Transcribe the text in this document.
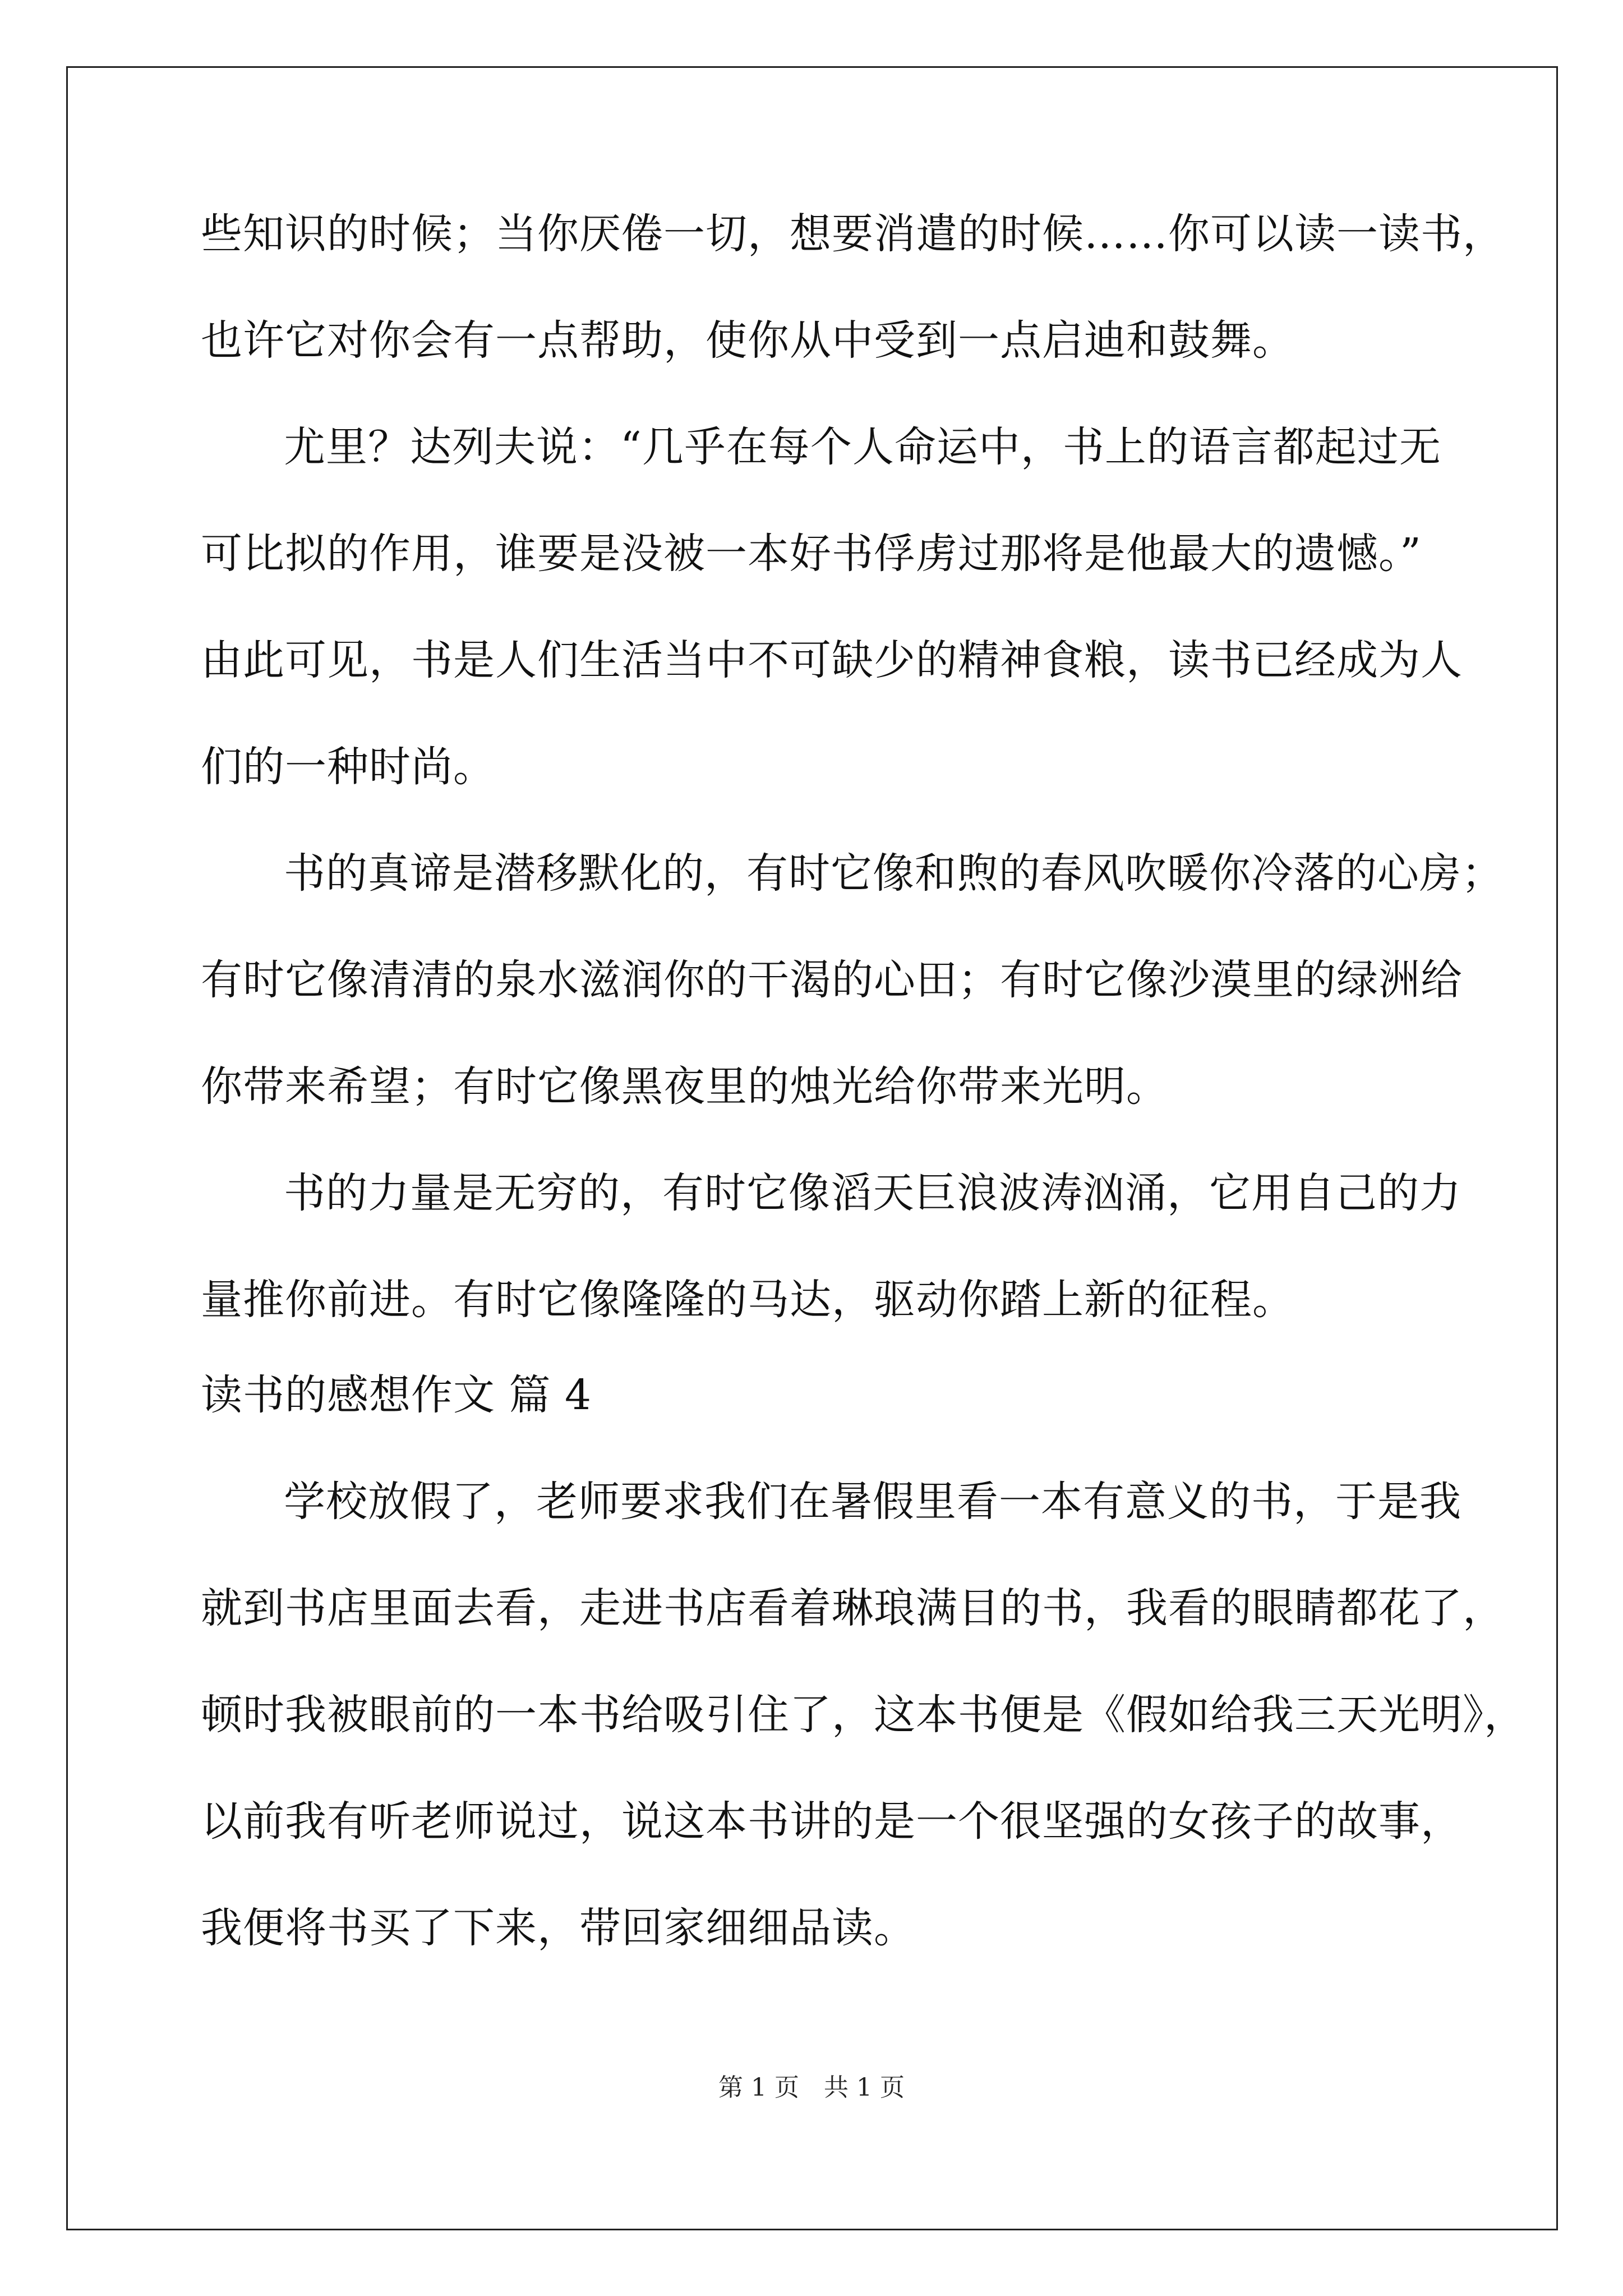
些知识的时候；当你厌倦一切，想要消遣的时候……你可以读一读书，
也许它对你会有一点帮助，使你从中受到一点启迪和鼓舞。
尤里？达列夫说：“几乎在每个人命运中，书上的语言都起过无
可比拟的作用，谁要是没被一本好书俘虏过那将是他最大的遗憾。”
由此可见，书是人们生活当中不可缺少的精神食粮，读书已经成为人
们的一种时尚。
书的真谛是潜移默化的，有时它像和煦的春风吹暖你冷落的心房；
有时它像清清的泉水滋润你的干渴的心田；有时它像沙漠里的绿洲给
你带来希望；有时它像黑夜里的烛光给你带来光明。
书的力量是无穷的，有时它像滔天巨浪波涛汹涌，它用自己的力
量推你前进。有时它像隆隆的马达，驱动你踏上新的征程。
读书的感想作文 篇 4
学校放假了，老师要求我们在暑假里看一本有意义的书，于是我
就到书店里面去看，走进书店看着琳琅满目的书，我看的眼睛都花了，
顿时我被眼前的一本书给吸引住了，这本书便是《假如给我三天光明》，
以前我有听老师说过，说这本书讲的是一个很坚强的女孩子的故事，
我便将书买了下来，带回家细细品读。
第 1 页　共 1 页
